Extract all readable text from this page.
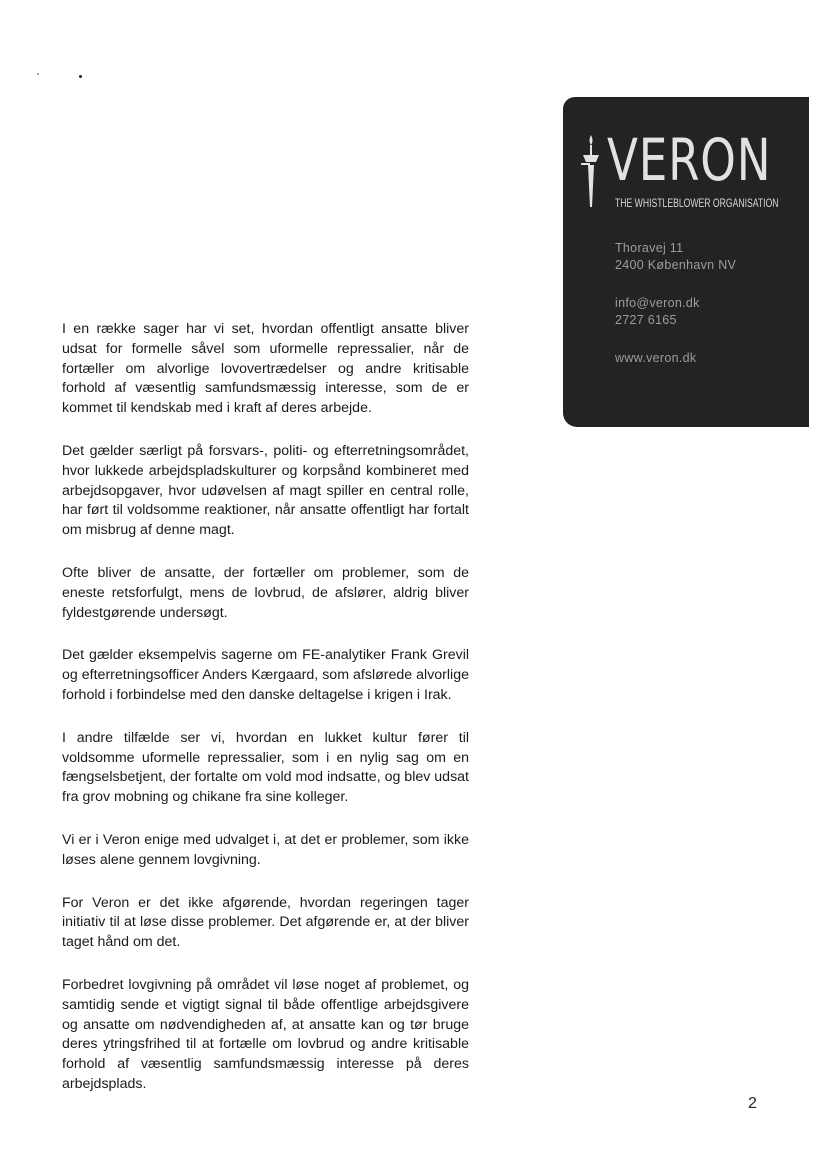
VERON
THE WHISTLEBLOWER ORGANISATION
Thoravej 11
2400 København NV
info@veron.dk
2727 6165
www.veron.dk

I en række sager har vi set, hvordan offentligt ansatte bliver udsat for formelle såvel som uformelle repressalier, når de fortæller om alvorlige lovovertrædelser og andre kritisable forhold af væsentlig samfundsmæssig interesse, som de er kommet til kendskab med i kraft af deres arbejde.

Det gælder særligt på forsvars-, politi- og efterretningsområdet, hvor lukkede arbejdspladskulturer og korpsånd kombineret med arbejdsopgaver, hvor udøvelsen af magt spiller en central rolle, har ført til voldsomme reaktioner, når ansatte offentligt har fortalt om misbrug af denne magt.

Ofte bliver de ansatte, der fortæller om problemer, som de eneste retsforfulgt, mens de lovbrud, de afslører, aldrig bliver fyldestgørende undersøgt.

Det gælder eksempelvis sagerne om FE-analytiker Frank Grevil og efterretningsofficer Anders Kærgaard, som afslørede alvorlige forhold i forbindelse med den danske deltagelse i krigen i Irak.

I andre tilfælde ser vi, hvordan en lukket kultur fører til voldsomme uformelle repressalier, som i en nylig sag om en fængselsbetjent, der fortalte om vold mod indsatte, og blev udsat fra grov mobning og chikane fra sine kolleger.

Vi er i Veron enige med udvalget i, at det er problemer, som ikke løses alene gennem lovgivning.

For Veron er det ikke afgørende, hvordan regeringen tager initiativ til at løse disse problemer. Det afgørende er, at der bliver taget hånd om det.

Forbedret lovgivning på området vil løse noget af problemet, og samtidig sende et vigtigt signal til både offentlige arbejdsgivere og ansatte om nødvendigheden af, at ansatte kan og tør bruge deres ytringsfrihed til at fortælle om lovbrud og andre kritisable forhold af væsentlig samfundsmæssig interesse på deres arbejdsplads.

2
